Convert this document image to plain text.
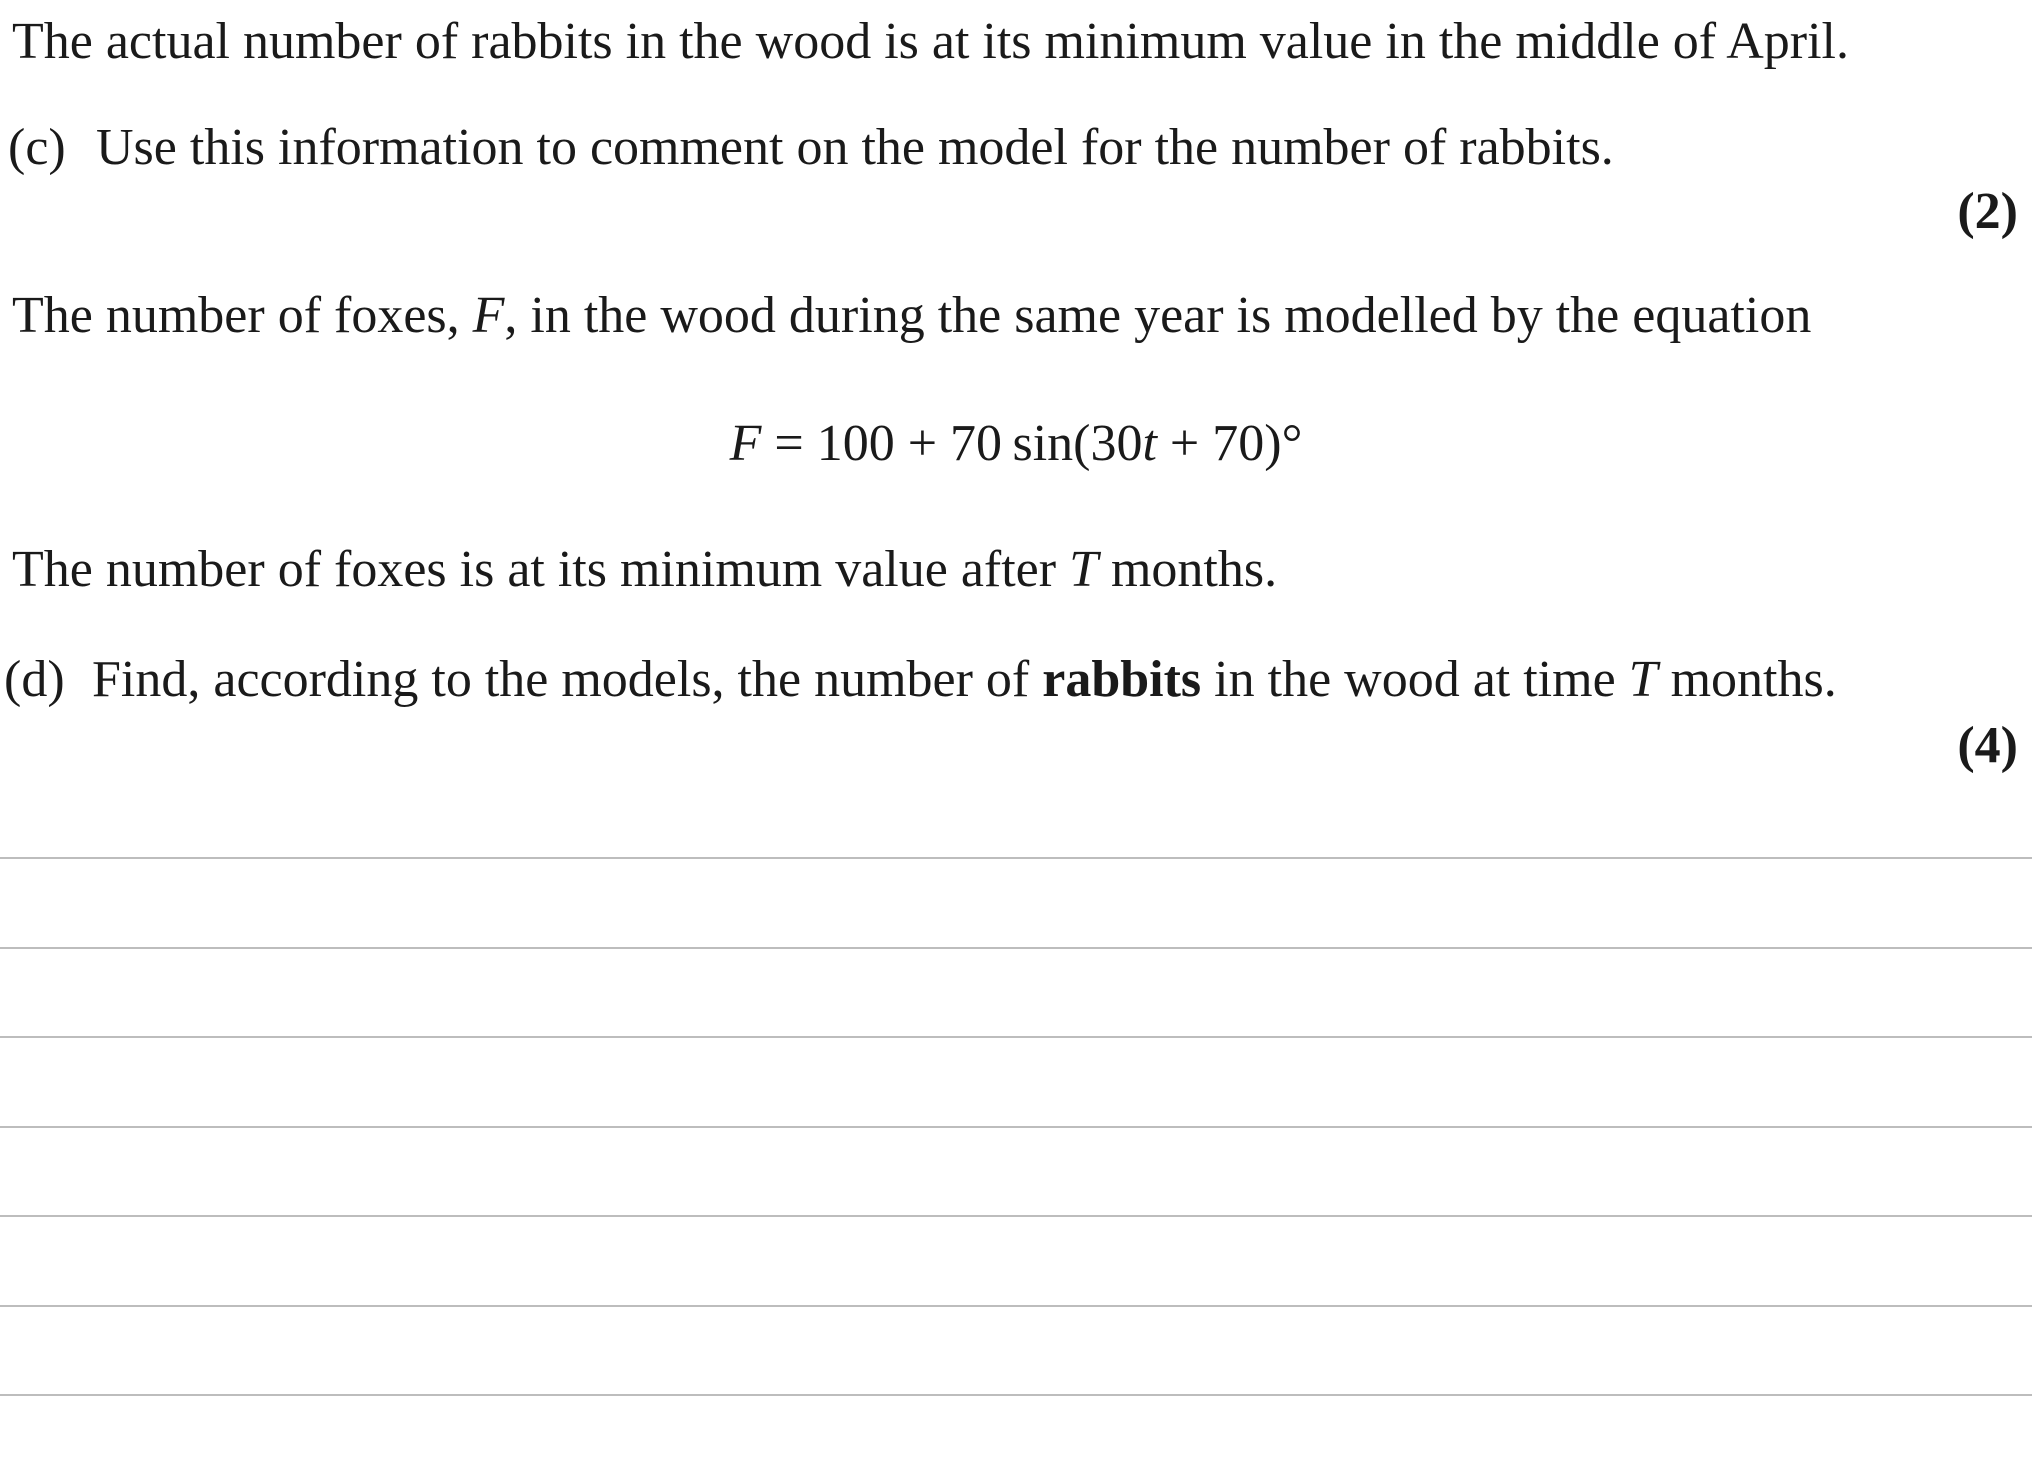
The actual number of rabbits in the wood is at its minimum value in the middle of April.
(c) Use this information to comment on the model for the number of rabbits.
(2)
The number of foxes, F, in the wood during the same year is modelled by the equation
F = 100 + 70 sin(30t + 70)°
The number of foxes is at its minimum value after T months.
(d) Find, according to the models, the number of rabbits in the wood at time T months.
(4)
